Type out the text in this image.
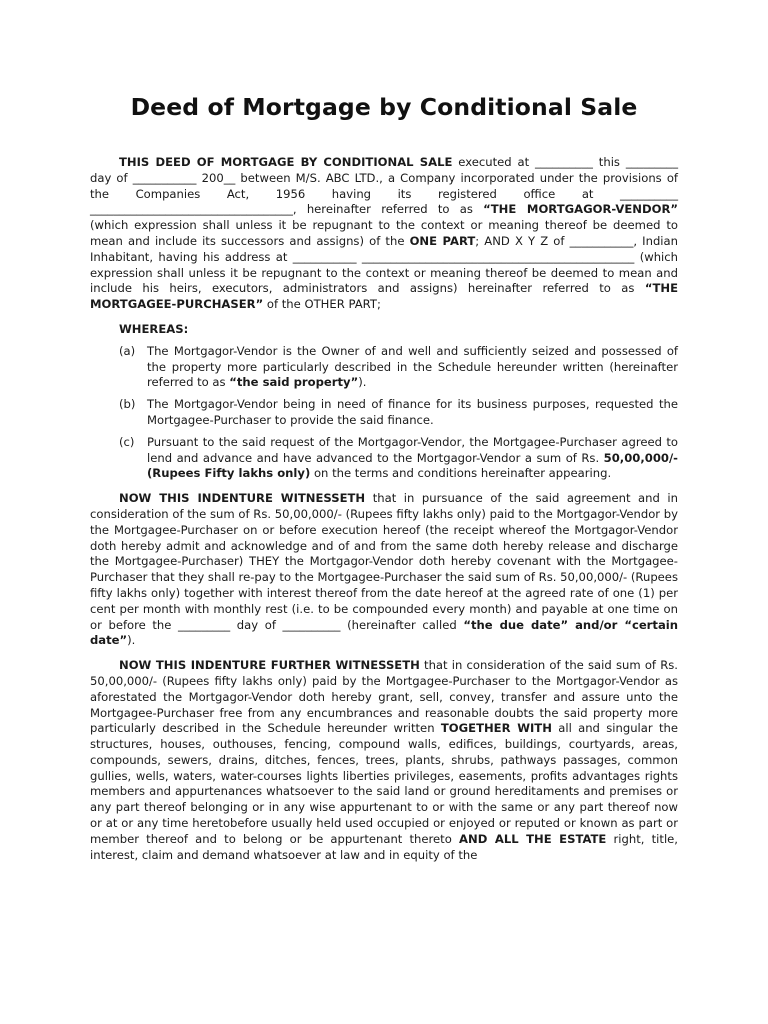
Deed of Mortgage by Conditional Sale

THIS DEED OF MORTGAGE BY CONDITIONAL SALE executed at __________ this _________ day of ___________ 200__ between M/S. ABC LTD., a Company incorporated under the provisions of the Companies Act, 1956 having its registered office at __________ ___________________________________, hereinafter referred to as “THE MORTGAGOR-VENDOR” (which expression shall unless it be repugnant to the context or meaning thereof be deemed to mean and include its successors and assigns) of the ONE PART; AND X Y Z of ___________, Indian Inhabitant, having his address at ___________ _______________________________________________ (which expression shall unless it be repugnant to the context or meaning thereof be deemed to mean and include his heirs, executors, administrators and assigns) hereinafter referred to as “THE MORTGAGEE-PURCHASER” of the OTHER PART;

WHEREAS:
(a)	The Mortgagor-Vendor is the Owner of and well and sufficiently seized and possessed of the property more particularly described in the Schedule hereunder written (hereinafter referred to as “the said property”).
(b) The Mortgagor-Vendor being in need of finance for its business purposes, requested the Mortgagee-Purchaser to provide the said finance.
(c)	Pursuant to the said request of the Mortgagor-Vendor, the Mortgagee-Purchaser agreed to lend and advance and have advanced to the Mortgagor-Vendor a sum of Rs. 50,00,000/- (Rupees Fifty lakhs only) on the terms and conditions hereinafter appearing.

NOW THIS INDENTURE WITNESSETH that in pursuance of the said agreement and in consideration of the sum of Rs. 50,00,000/- (Rupees fifty lakhs only) paid to the Mortgagor-Vendor by the Mortgagee-Purchaser on or before execution hereof (the receipt whereof the Mortgagor-Vendor doth hereby admit and acknowledge and of and from the same doth hereby release and discharge the Mortgagee-Purchaser) THEY the Mortgagor-Vendor doth hereby covenant with the Mortgagee-Purchaser that they shall re-pay to the Mortgagee-Purchaser the said sum of Rs. 50,00,000/- (Rupees fifty lakhs only) together with interest thereof from the date hereof at the agreed rate of one (1) per cent per month with monthly rest (i.e. to be compounded every month) and payable at one time on or before the _________ day of __________ (hereinafter called “the due date” and/or “certain date”).

NOW THIS INDENTURE FURTHER WITNESSETH that in consideration of the said sum of Rs. 50,00,000/- (Rupees fifty lakhs only) paid by the Mortgagee-Purchaser to the Mortgagor-Vendor as aforestated the Mortgagor-Vendor doth hereby grant, sell, convey, transfer and assure unto the Mortgagee-Purchaser free from any encumbrances and reasonable doubts the said property more particularly described in the Schedule hereunder written TOGETHER WITH all and singular the structures, houses, outhouses, fencing, compound walls, edifices, buildings, courtyards, areas, compounds, sewers, drains, ditches, fences, trees, plants, shrubs, pathways passages, common gullies, wells, waters, water-courses lights liberties privileges, easements, profits advantages rights members and appurtenances whatsoever to the said land or ground hereditaments and premises or any part thereof belonging or in any wise appurtenant to or with the same or any part thereof now or at or any time heretobefore usually held used occupied or enjoyed or reputed or known as part or member thereof and to belong or be appurtenant thereto AND ALL THE ESTATE right, title, interest, claim and demand whatsoever at law and in equity of the
